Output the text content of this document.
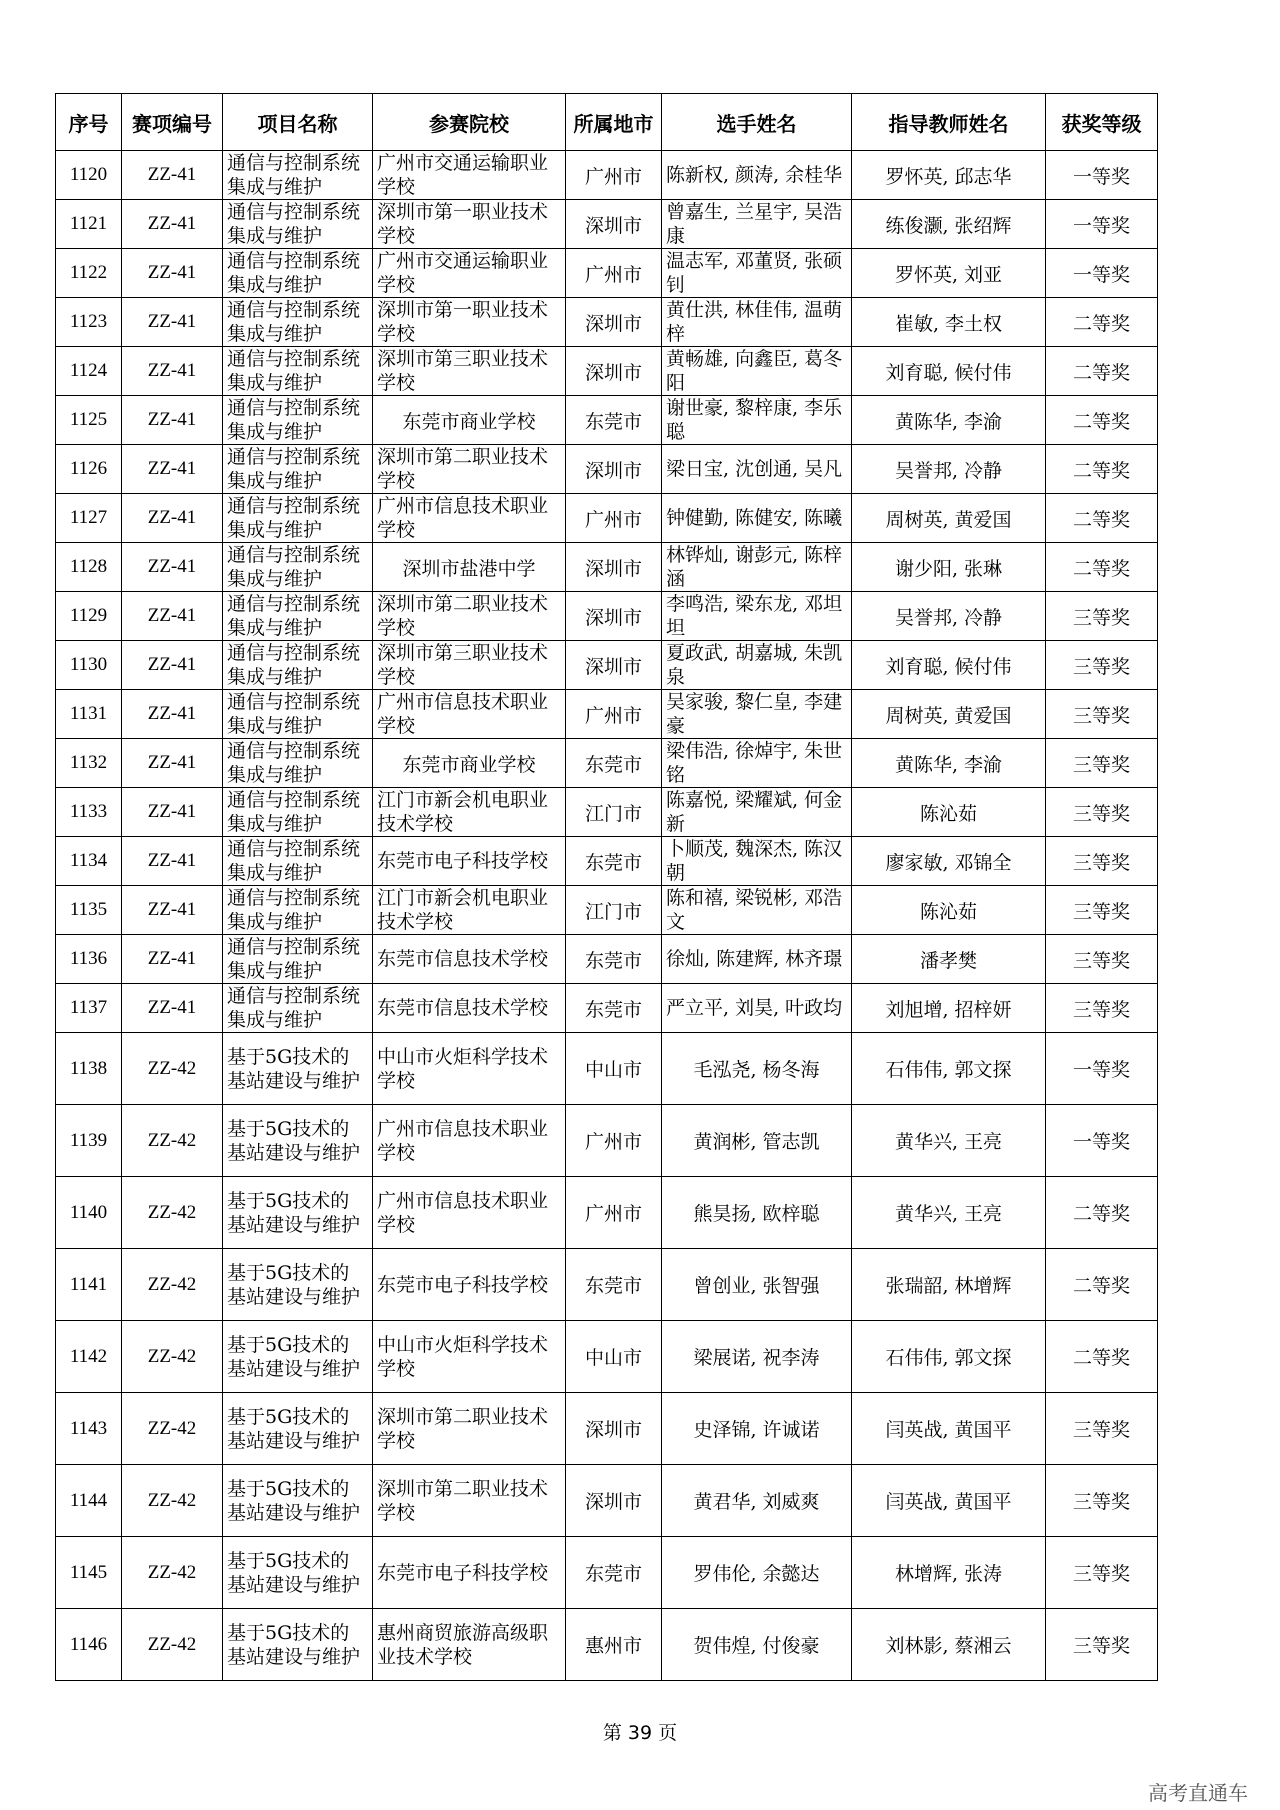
序号	赛项编号	项目名称	参赛院校	所属地市	选手姓名	指导教师姓名	获奖等级
1120	ZZ-41	通信与控制系统集成与维护	广州市交通运输职业学校	广州市	陈新权, 颜涛, 余桂华	罗怀英, 邱志华	一等奖
1121	ZZ-41	通信与控制系统集成与维护	深圳市第一职业技术学校	深圳市	曾嘉生, 兰星宇, 吴浩康	练俊灏, 张绍辉	一等奖
1122	ZZ-41	通信与控制系统集成与维护	广州市交通运输职业学校	广州市	温志军, 邓董贤, 张硕钊	罗怀英, 刘亚	一等奖
1123	ZZ-41	通信与控制系统集成与维护	深圳市第一职业技术学校	深圳市	黄仕洪, 林佳伟, 温萌梓	崔敏, 李土权	二等奖
1124	ZZ-41	通信与控制系统集成与维护	深圳市第三职业技术学校	深圳市	黄畅雄, 向鑫臣, 葛冬阳	刘育聪, 候付伟	二等奖
1125	ZZ-41	通信与控制系统集成与维护	东莞市商业学校	东莞市	谢世豪, 黎梓康, 李乐聪	黄陈华, 李渝	二等奖
1126	ZZ-41	通信与控制系统集成与维护	深圳市第二职业技术学校	深圳市	梁日宝, 沈创通, 吴凡	吴誉邦, 冷静	二等奖
1127	ZZ-41	通信与控制系统集成与维护	广州市信息技术职业学校	广州市	钟健勤, 陈健安, 陈曦	周树英, 黄爱国	二等奖
1128	ZZ-41	通信与控制系统集成与维护	深圳市盐港中学	深圳市	林铧灿, 谢彭元, 陈梓涵	谢少阳, 张琳	二等奖
1129	ZZ-41	通信与控制系统集成与维护	深圳市第二职业技术学校	深圳市	李鸣浩, 梁东龙, 邓坦坦	吴誉邦, 冷静	三等奖
1130	ZZ-41	通信与控制系统集成与维护	深圳市第三职业技术学校	深圳市	夏政武, 胡嘉城, 朱凯泉	刘育聪, 候付伟	三等奖
1131	ZZ-41	通信与控制系统集成与维护	广州市信息技术职业学校	广州市	吴家骏, 黎仁皇, 李建豪	周树英, 黄爱国	三等奖
1132	ZZ-41	通信与控制系统集成与维护	东莞市商业学校	东莞市	梁伟浩, 徐焯宇, 朱世铭	黄陈华, 李渝	三等奖
1133	ZZ-41	通信与控制系统集成与维护	江门市新会机电职业技术学校	江门市	陈嘉悦, 梁耀斌, 何金新	陈沁茹	三等奖
1134	ZZ-41	通信与控制系统集成与维护	东莞市电子科技学校	东莞市	卜顺茂, 魏深杰, 陈汉朝	廖家敏, 邓锦全	三等奖
1135	ZZ-41	通信与控制系统集成与维护	江门市新会机电职业技术学校	江门市	陈和禧, 梁锐彬, 邓浩文	陈沁茹	三等奖
1136	ZZ-41	通信与控制系统集成与维护	东莞市信息技术学校	东莞市	徐灿, 陈建辉, 林齐璟	潘孝樊	三等奖
1137	ZZ-41	通信与控制系统集成与维护	东莞市信息技术学校	东莞市	严立平, 刘昊, 叶政均	刘旭增, 招梓妍	三等奖
1138	ZZ-42	基于5G技术的基站建设与维护	中山市火炬科学技术学校	中山市	毛泓尧, 杨冬海	石伟伟, 郭文探	一等奖
1139	ZZ-42	基于5G技术的基站建设与维护	广州市信息技术职业学校	广州市	黄润彬, 管志凯	黄华兴, 王亮	一等奖
1140	ZZ-42	基于5G技术的基站建设与维护	广州市信息技术职业学校	广州市	熊昊扬, 欧梓聪	黄华兴, 王亮	二等奖
1141	ZZ-42	基于5G技术的基站建设与维护	东莞市电子科技学校	东莞市	曾创业, 张智强	张瑞韶, 林增辉	二等奖
1142	ZZ-42	基于5G技术的基站建设与维护	中山市火炬科学技术学校	中山市	梁展诺, 祝李涛	石伟伟, 郭文探	二等奖
1143	ZZ-42	基于5G技术的基站建设与维护	深圳市第二职业技术学校	深圳市	史泽锦, 许诚诺	闫英战, 黄国平	三等奖
1144	ZZ-42	基于5G技术的基站建设与维护	深圳市第二职业技术学校	深圳市	黄君华, 刘威爽	闫英战, 黄国平	三等奖
1145	ZZ-42	基于5G技术的基站建设与维护	东莞市电子科技学校	东莞市	罗伟伦, 余懿达	林增辉, 张涛	三等奖
1146	ZZ-42	基于5G技术的基站建设与维护	惠州商贸旅游高级职业技术学校	惠州市	贺伟煌, 付俊豪	刘林影, 蔡湘云	三等奖
第 39 页
高考直通车
